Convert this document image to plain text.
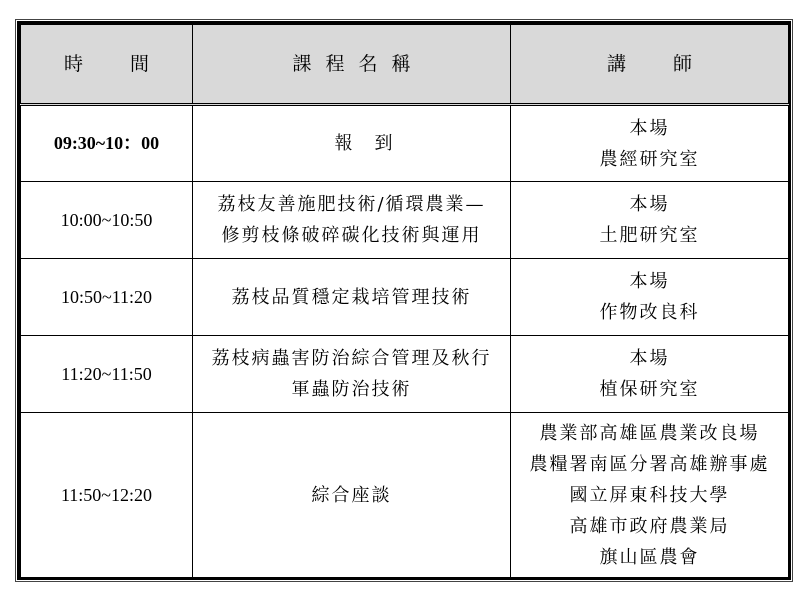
時　間	課程名稱	講　師
09:30~10：00	報　到	本場
農經研究室

10:00~10:50	荔枝友善施肥技術/循環農業—
修剪枝條破碎碳化技術與運用	本場
土肥研究室

10:50~11:20	荔枝品質穩定栽培管理技術	本場
作物改良科

11:20~11:50	荔枝病蟲害防治綜合管理及秋行
軍蟲防治技術	本場
植保研究室

11:50~12:20	綜合座談	農業部高雄區農業改良場
農糧署南區分署高雄辦事處
國立屏東科技大學
高雄市政府農業局
旗山區農會
